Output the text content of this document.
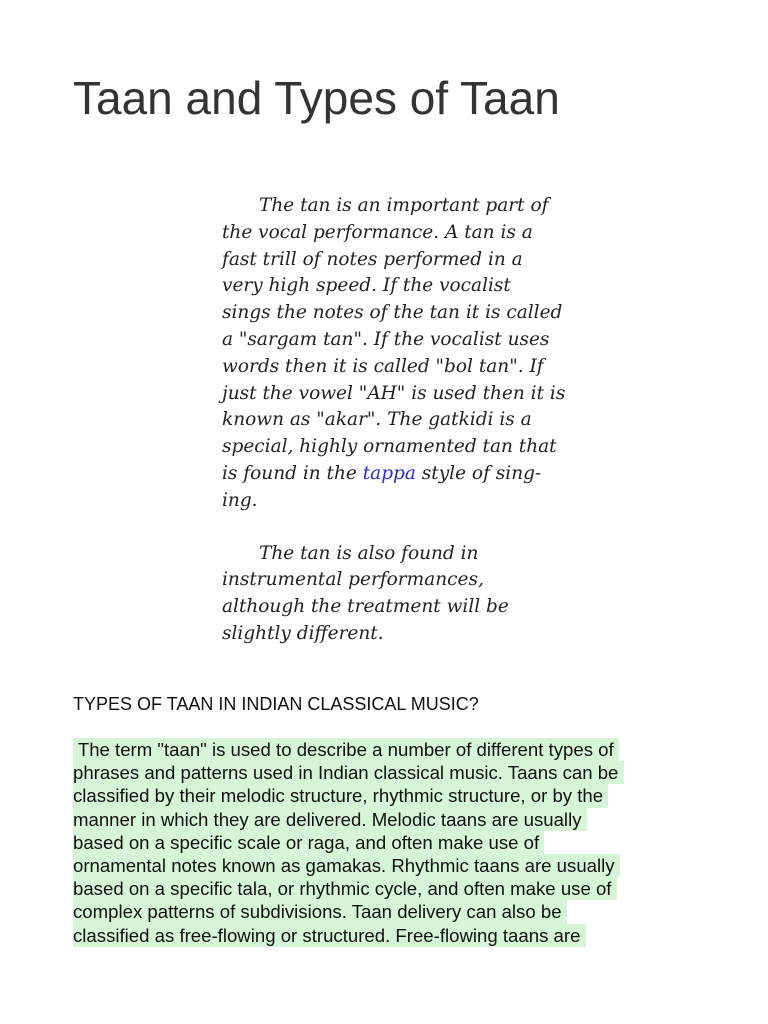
Taan and Types of Taan
The tan is an important part of
the vocal performance. A tan is a
fast trill of notes performed in a
very high speed. If the vocalist
sings the notes of the tan it is called
a "sargam tan". If the vocalist uses
words then it is called "bol tan". If
just the vowel "AH" is used then it is
known as "akar". The gatkidi is a
special, highly ornamented tan that
is found in the tappa style of sing-
ing.
The tan is also found in
instrumental performances,
although the treatment will be
slightly different.
TYPES OF TAAN IN INDIAN CLASSICAL MUSIC?
The term "taan" is used to describe a number of different types of
phrases and patterns used in Indian classical music. Taans can be
classified by their melodic structure, rhythmic structure, or by the
manner in which they are delivered. Melodic taans are usually
based on a specific scale or raga, and often make use of
ornamental notes known as gamakas. Rhythmic taans are usually
based on a specific tala, or rhythmic cycle, and often make use of
complex patterns of subdivisions. Taan delivery can also be
classified as free-flowing or structured. Free-flowing taans are
